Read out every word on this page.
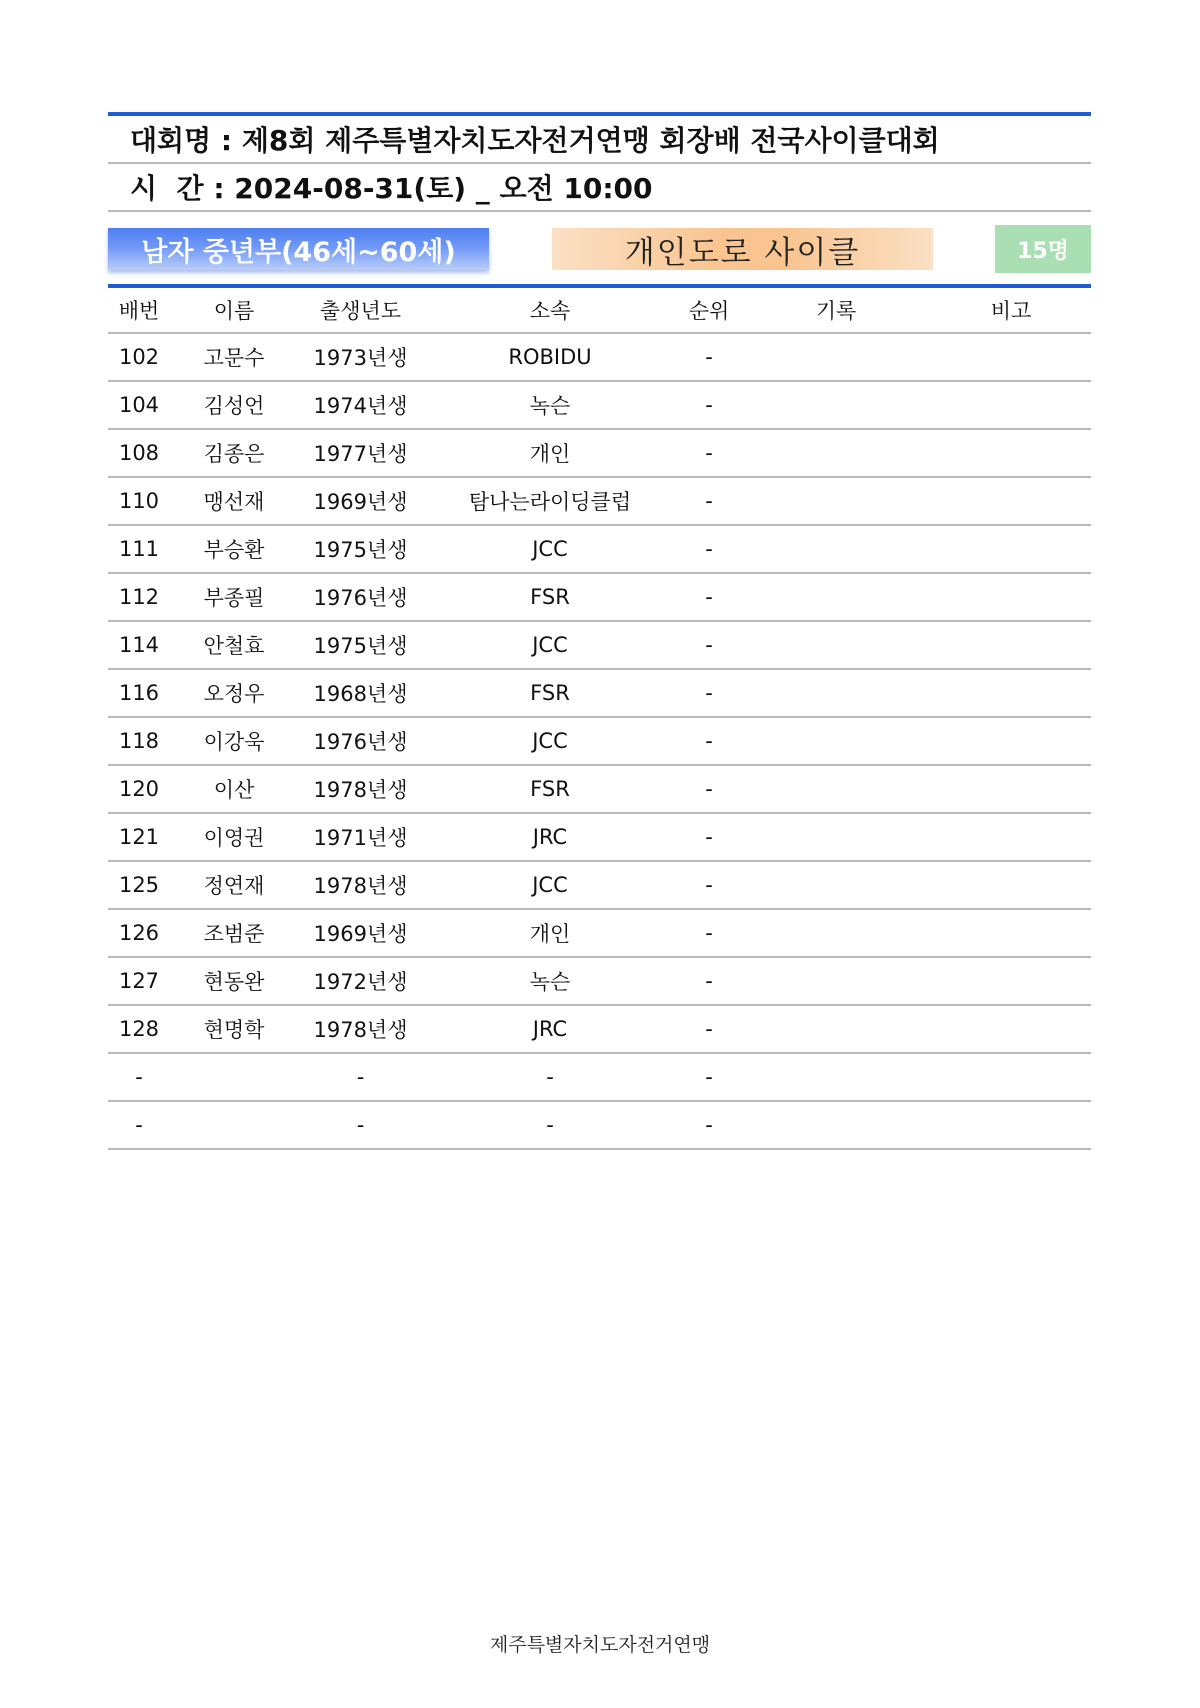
대회명 :
제8회 제주특별자치도자전거연맹 회장배 전국사이클대회
시  간 :
2024-08-31(토) _ 오전 10:00
남자 중년부(46세~60세)	개인도로 사이클	15명
배번	이름	출생년도	소속	순위	기록	비고
102	고문수	1973년생	ROBIDU	-		
104	김성언	1974년생	녹슨	-		
108	김종은	1977년생	개인	-		
110	맹선재	1969년생	탐나는라이딩클럽	-		
111	부승환	1975년생	JCC	-		
112	부종필	1976년생	FSR	-		
114	안철효	1975년생	JCC	-		
116	오정우	1968년생	FSR	-		
118	이강욱	1976년생	JCC	-		
120	이산	1978년생	FSR	-		
121	이영권	1971년생	JRC	-		
125	정연재	1978년생	JCC	-		
126	조범준	1969년생	개인	-		
127	현동완	1972년생	녹슨	-		
128	현명학	1978년생	JRC	-		
-		-	-	-		
-		-	-	-		
제주특별자치도자전거연맹
